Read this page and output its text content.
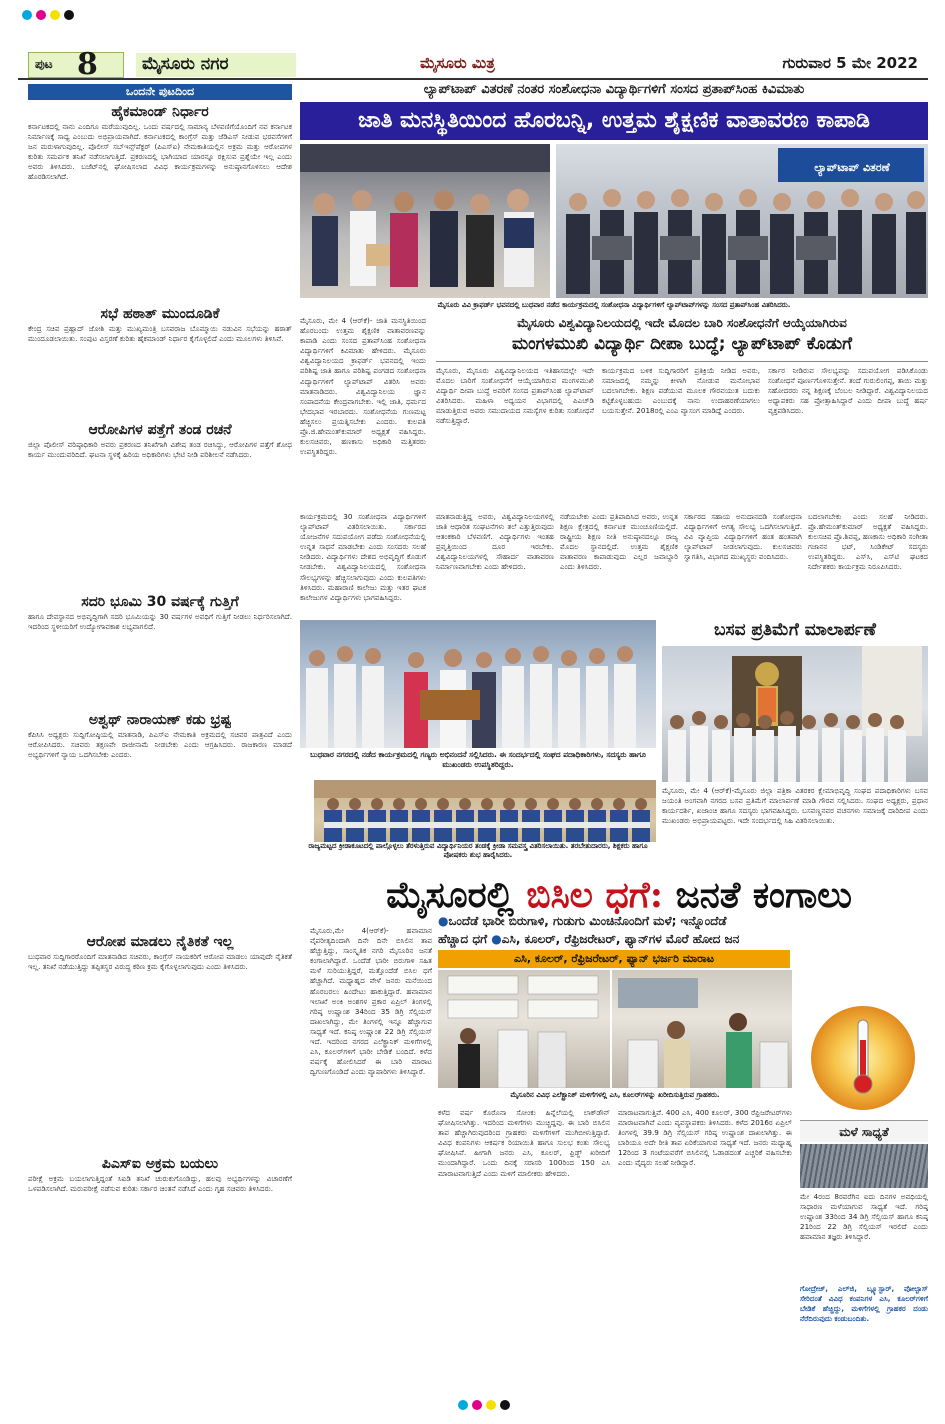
ಪುಟ 8	ಮೈಸೂರು ನಗರ	ಮೈಸೂರು ಮಿತ್ರ	ಗುರುವಾರ 5 ಮೇ 2022
ಒಂದನೇ ಪುಟದಿಂದ
ಹೈಕಮಾಂಡ್ ನಿರ್ಧಾರ
ಕರ್ನಾಟಕದಲ್ಲಿ ನಾನು ಎಂದಿಗೂ ಮರೆಯುವುದಿಲ್ಲ. ಒಂದು ವರ್ಷದಲ್ಲಿ ಸಾಮಾನ್ಯ ಬೆಳವಣಿಗೆಯೊಂದಿಗೆ ನವ ಕರ್ನಾಟಕ ನಿರ್ಮಾಣಕ್ಕೆ ಸಾಧ್ಯ ಎಂಬುದು ಅಭಿಪ್ರಾಯವಾಗಿದೆ. ಕರ್ನಾಟಕದಲ್ಲಿ ಕಾಂಗ್ರೆಸ್ ಮತ್ತು ಜೆಡಿಎಸ್ ನೀಡುವ ಭರವಸೆಗಳಿಗೆ ಜನ ಮರುಳಾಗುವುದಿಲ್ಲ. ಪೊಲೀಸ್ ಸಬ್‌ಇನ್ಸ್‌ಪೆಕ್ಟರ್ (ಪಿಎಸ್‌ಐ) ನೇಮಕಾತಿಯಲ್ಲಿನ ಅಕ್ರಮ ಮತ್ತು ಆರೋಪಗಳ ಕುರಿತು ಸಮರ್ಪಕ ತನಿಖೆ ನಡೆಸಲಾಗುತ್ತಿದೆ. ಪ್ರಕರಣದಲ್ಲಿ ಭಾಗಿಯಾದ ಯಾರನ್ನೂ ರಕ್ಷಿಸುವ ಪ್ರಶ್ನೆಯೇ ಇಲ್ಲ ಎಂದು ಅವರು ತಿಳಿಸಿದರು. ಬಜೆಟ್‌ನಲ್ಲಿ ಘೋಷಿಸಲಾದ ವಿವಿಧ ಕಾರ್ಯಕ್ರಮಗಳನ್ನು ಅನುಷ್ಠಾನಗೊಳಿಸಲು ಆದೇಶ ಹೊರಡಿಸಲಾಗಿದೆ.
ಸಭೆ ಹಠಾತ್ ಮುಂದೂಡಿಕೆ
ಕೇಂದ್ರ ಸಚಿವ ಪ್ರಹ್ಲಾದ್ ಜೋಶಿ ಮತ್ತು ಮುಖ್ಯಮಂತ್ರಿ ಬಸವರಾಜ ಬೊಮ್ಮಾಯಿ ನಡುವಿನ ಸಭೆಯನ್ನು ಹಠಾತ್ ಮುಂದೂಡಲಾಯಿತು. ಸಂಪುಟ ವಿಸ್ತರಣೆ ಕುರಿತು ಹೈಕಮಾಂಡ್ ನಿರ್ಧಾರ ಕೈಗೊಳ್ಳಲಿದೆ ಎಂದು ಮೂಲಗಳು ತಿಳಿಸಿವೆ.
ಆರೋಪಿಗಳ ಪತ್ತೆಗೆ ತಂಡ ರಚನೆ
ಜಿಲ್ಲಾ ಪೊಲೀಸ್ ವರಿಷ್ಠಾಧಿಕಾರಿ ಅವರು ಪ್ರಕರಣದ ತನಿಖೆಗಾಗಿ ವಿಶೇಷ ತಂಡ ರಚಿಸಿದ್ದು, ಆರೋಪಿಗಳ ಪತ್ತೆಗೆ ಶೋಧ ಕಾರ್ಯ ಮುಂದುವರಿದಿದೆ. ಘಟನಾ ಸ್ಥಳಕ್ಕೆ ಹಿರಿಯ ಅಧಿಕಾರಿಗಳು ಭೇಟಿ ನೀಡಿ ಪರಿಶೀಲನೆ ನಡೆಸಿದರು.
ಸದರಿ ಭೂಮಿ 30 ವರ್ಷಕ್ಕೆ ಗುತ್ತಿಗೆ
ಹಾಗೂ ದೇವಸ್ಥಾನದ ಅಭಿವೃದ್ಧಿಗಾಗಿ ಸದರಿ ಭೂಮಿಯನ್ನು 30 ವರ್ಷಗಳ ಅವಧಿಗೆ ಗುತ್ತಿಗೆ ನೀಡಲು ನಿರ್ಧರಿಸಲಾಗಿದೆ. ಇದರಿಂದ ಸ್ಥಳೀಯರಿಗೆ ಉದ್ಯೋಗಾವಕಾಶ ಲಭ್ಯವಾಗಲಿದೆ.
ಅಶ್ವಥ್ ನಾರಾಯಣ್ ಕಡು ಭ್ರಷ್ಟ
ಕೆಪಿಸಿಸಿ ಅಧ್ಯಕ್ಷರು ಸುದ್ದಿಗೋಷ್ಠಿಯಲ್ಲಿ ಮಾತನಾಡಿ, ಪಿಎಸ್‌ಐ ನೇಮಕಾತಿ ಅಕ್ರಮದಲ್ಲಿ ಸಚಿವರ ಪಾತ್ರವಿದೆ ಎಂದು ಆರೋಪಿಸಿದರು. ಸಚಿವರು ತಕ್ಷಣವೇ ರಾಜೀನಾಮೆ ನೀಡಬೇಕು ಎಂದು ಆಗ್ರಹಿಸಿದರು. ರಾಜಕಾರಣ ಮಾಡದೆ ಅಭ್ಯರ್ಥಿಗಳಿಗೆ ನ್ಯಾಯ ಒದಗಿಸಬೇಕು ಎಂದರು.
ಆರೋಪ ಮಾಡಲು ನೈತಿಕತೆ ಇಲ್ಲ
ಬುಧವಾರ ಸುದ್ದಿಗಾರರೊಂದಿಗೆ ಮಾತನಾಡಿದ ಸಚಿವರು, ಕಾಂಗ್ರೆಸ್ ನಾಯಕರಿಗೆ ಆರೋಪ ಮಾಡಲು ಯಾವುದೇ ನೈತಿಕತೆ ಇಲ್ಲ. ತನಿಖೆ ನಡೆಯುತ್ತಿದ್ದು ತಪ್ಪಿತಸ್ಥರ ವಿರುದ್ಧ ಕಠಿಣ ಕ್ರಮ ಕೈಗೊಳ್ಳಲಾಗುವುದು ಎಂದು ತಿಳಿಸಿದರು.
ಪಿಎಸ್‌ಐ ಅಕ್ರಮ ಬಯಲು
ಪರೀಕ್ಷೆ ಅಕ್ರಮ ಬಯಲಾಗುತ್ತಿದ್ದಂತೆ ಸಿಐಡಿ ತನಿಖೆ ಚುರುಕುಗೊಂಡಿದ್ದು, ಹಲವು ಅಭ್ಯರ್ಥಿಗಳನ್ನು ವಿಚಾರಣೆಗೆ ಒಳಪಡಿಸಲಾಗಿದೆ. ಮರುಪರೀಕ್ಷೆ ನಡೆಸುವ ಕುರಿತು ಸರ್ಕಾರ ಚಿಂತನೆ ನಡೆಸಿದೆ ಎಂದು ಗೃಹ ಸಚಿವರು ತಿಳಿಸಿದರು.
ಲ್ಯಾಪ್‌ಟಾಪ್ ವಿತರಣೆ ನಂತರ ಸಂಶೋಧನಾ ವಿದ್ಯಾರ್ಥಿಗಳಿಗೆ ಸಂಸದ ಪ್ರತಾಪ್‌ಸಿಂಹ ಕಿವಿಮಾತು
ಜಾತಿ ಮನಸ್ಥಿತಿಯಿಂದ ಹೊರಬನ್ನಿ, ಉತ್ತಮ ಶೈಕ್ಷಣಿಕ ವಾತಾವರಣ ಕಾಪಾಡಿ
ಲ್ಯಾಪ್‌ಟಾಪ್ ವಿತರಣೆ
ಮೈಸೂರು ವಿವಿ ಕ್ರಾಫರ್ಡ್ ಭವನದಲ್ಲಿ ಬುಧವಾರ ನಡೆದ ಕಾರ್ಯಕ್ರಮದಲ್ಲಿ ಸಂಶೋಧನಾ ವಿದ್ಯಾರ್ಥಿಗಳಿಗೆ ಲ್ಯಾಪ್‌ಟಾಪ್‌ಗಳನ್ನು ಸಂಸದ ಪ್ರತಾಪ್‌ಸಿಂಹ ವಿತರಿಸಿದರು.
ಮೈಸೂರು, ಮೇ 4 (ಆರ್‌ಕೆ)- ಜಾತಿ ಮನಸ್ಥಿತಿಯಿಂದ ಹೊರಬಂದು ಉತ್ತಮ ಶೈಕ್ಷಣಿಕ ವಾತಾವರಣವನ್ನು ಕಾಪಾಡಿ ಎಂದು ಸಂಸದ ಪ್ರತಾಪ್‌ಸಿಂಹ ಸಂಶೋಧನಾ ವಿದ್ಯಾರ್ಥಿಗಳಿಗೆ ಕಿವಿಮಾತು ಹೇಳಿದರು. ಮೈಸೂರು ವಿಶ್ವವಿದ್ಯಾನಿಲಯದ ಕ್ರಾಫರ್ಡ್ ಭವನದಲ್ಲಿ ಇಂದು ಪರಿಶಿಷ್ಟ ಜಾತಿ ಹಾಗೂ ಪರಿಶಿಷ್ಟ ಪಂಗಡದ ಸಂಶೋಧನಾ ವಿದ್ಯಾರ್ಥಿಗಳಿಗೆ ಲ್ಯಾಪ್‌ಟಾಪ್ ವಿತರಿಸಿ ಅವರು ಮಾತನಾಡಿದರು. ವಿಶ್ವವಿದ್ಯಾನಿಲಯ ಜ್ಞಾನ ಸಂಪಾದನೆಯ ಕೇಂದ್ರವಾಗಬೇಕು. ಇಲ್ಲಿ ಜಾತಿ, ಧರ್ಮದ ಭೇದಭಾವ ಇರಬಾರದು. ಸಂಶೋಧನೆಯ ಗುಣಮಟ್ಟ ಹೆಚ್ಚಿಸಲು ಪ್ರಯತ್ನಿಸಬೇಕು ಎಂದರು. ಕುಲಪತಿ ಪ್ರೊ.ಜಿ.ಹೇಮಂತ್‌ಕುಮಾರ್ ಅಧ್ಯಕ್ಷತೆ ವಹಿಸಿದ್ದರು. ಕುಲಸಚಿವರು, ಹಣಕಾಸು ಅಧಿಕಾರಿ ಮತ್ತಿತರರು ಉಪಸ್ಥಿತರಿದ್ದರು.
ಕಾರ್ಯಕ್ರಮದಲ್ಲಿ 30 ಸಂಶೋಧನಾ ವಿದ್ಯಾರ್ಥಿಗಳಿಗೆ ಲ್ಯಾಪ್‌ಟಾಪ್ ವಿತರಿಸಲಾಯಿತು. ಸರ್ಕಾರದ ಯೋಜನೆಗಳ ಸದುಪಯೋಗ ಪಡೆದು ಸಂಶೋಧನೆಯಲ್ಲಿ ಉನ್ನತ ಸಾಧನೆ ಮಾಡಬೇಕು ಎಂದು ಸಂಸದರು ಸಲಹೆ ನೀಡಿದರು. ವಿದ್ಯಾರ್ಥಿಗಳು ದೇಶದ ಅಭಿವೃದ್ಧಿಗೆ ಕೊಡುಗೆ ನೀಡಬೇಕು. ವಿಶ್ವವಿದ್ಯಾನಿಲಯದಲ್ಲಿ ಸಂಶೋಧನಾ ಸೌಲಭ್ಯಗಳನ್ನು ಹೆಚ್ಚಿಸಲಾಗುವುದು ಎಂದು ಕುಲಪತಿಗಳು ತಿಳಿಸಿದರು. ಮಹಾರಾಣಿ ಕಾಲೇಜು ಮತ್ತು ಇತರ ಘಟಕ ಕಾಲೇಜುಗಳ ವಿದ್ಯಾರ್ಥಿಗಳು ಭಾಗವಹಿಸಿದ್ದರು.
ಮೈಸೂರು ವಿಶ್ವವಿದ್ಯಾನಿಲಯದಲ್ಲಿ ಇದೇ ಮೊದಲ ಬಾರಿ ಸಂಶೋಧನೆಗೆ ಆಯ್ಕೆಯಾಗಿರುವ
ಮಂಗಳಮುಖಿ ವಿದ್ಯಾರ್ಥಿ ದೀಪಾ ಬುದ್ಧೆ; ಲ್ಯಾಪ್‌ಟಾಪ್ ಕೊಡುಗೆ
ಮೈಸೂರು, ಮೈಸೂರು ವಿಶ್ವವಿದ್ಯಾನಿಲಯದ ಇತಿಹಾಸದಲ್ಲೇ ಇದೇ ಮೊದಲ ಬಾರಿಗೆ ಸಂಶೋಧನೆಗೆ ಆಯ್ಕೆಯಾಗಿರುವ ಮಂಗಳಮುಖಿ ವಿದ್ಯಾರ್ಥಿ ದೀಪಾ ಬುದ್ಧೆ ಅವರಿಗೆ ಸಂಸದ ಪ್ರತಾಪ್‌ಸಿಂಹ ಲ್ಯಾಪ್‌ಟಾಪ್ ವಿತರಿಸಿದರು. ಮಹಿಳಾ ಅಧ್ಯಯನ ವಿಭಾಗದಲ್ಲಿ ಪಿಎಚ್‌ಡಿ ಮಾಡುತ್ತಿರುವ ಅವರು ಸಮುದಾಯದ ಸಮಸ್ಯೆಗಳ ಕುರಿತು ಸಂಶೋಧನೆ ನಡೆಸುತ್ತಿದ್ದಾರೆ.
ಕಾರ್ಯಕ್ರಮದ ಬಳಿಕ ಸುದ್ದಿಗಾರರಿಗೆ ಪ್ರತಿಕ್ರಿಯೆ ನೀಡಿದ ಅವರು, ಸಮಾಜದಲ್ಲಿ ನಮ್ಮನ್ನು ಕೀಳಾಗಿ ನೋಡುವ ಮನೋಭಾವ ಬದಲಾಗಬೇಕು. ಶಿಕ್ಷಣ ಪಡೆಯುವ ಮೂಲಕ ಗೌರವಯುತ ಬದುಕು ಕಟ್ಟಿಕೊಳ್ಳಬಹುದು ಎಂಬುದಕ್ಕೆ ನಾನು ಉದಾಹರಣೆಯಾಗಲು ಬಯಸುತ್ತೇನೆ. 2018ರಲ್ಲಿ ಎಂಎ ವ್ಯಾಸಂಗ ಮಾಡಿದ್ದೆ ಎಂದರು.
ಸರ್ಕಾರ ನೀಡಿರುವ ಸೌಲಭ್ಯವನ್ನು ಸದುಪಯೋಗ ಪಡಿಸಿಕೊಂಡು ಸಂಶೋಧನೆ ಪೂರ್ಣಗೊಳಿಸುತ್ತೇನೆ. ತಂದೆ ಗುರುಲಿಂಗಪ್ಪ, ತಾಯಿ ಮತ್ತು ಸಹೋದರರು ನನ್ನ ಶಿಕ್ಷಣಕ್ಕೆ ಬೆಂಬಲ ನೀಡಿದ್ದಾರೆ. ವಿಶ್ವವಿದ್ಯಾನಿಲಯದ ಅಧ್ಯಾಪಕರು ಸಹ ಪ್ರೋತ್ಸಾಹಿಸಿದ್ದಾರೆ ಎಂದು ದೀಪಾ ಬುದ್ಧೆ ಹರ್ಷ ವ್ಯಕ್ತಪಡಿಸಿದರು.
ಮಾತನಾಡುತ್ತಿದ್ದ ಅವರು, ವಿಶ್ವವಿದ್ಯಾನಿಲಯಗಳಲ್ಲಿ ಜಾತಿ ಆಧಾರಿತ ಸಂಘಟನೆಗಳು ತಲೆ ಎತ್ತುತ್ತಿರುವುದು ಆತಂಕಕಾರಿ ಬೆಳವಣಿಗೆ. ವಿದ್ಯಾರ್ಥಿಗಳು ಇಂತಹ ಪ್ರವೃತ್ತಿಯಿಂದ ದೂರ ಇರಬೇಕು. ವಿಶ್ವವಿದ್ಯಾನಿಲಯಗಳಲ್ಲಿ ಸೌಹಾರ್ದ ವಾತಾವರಣ ನಿರ್ಮಾಣವಾಗಬೇಕು ಎಂದು ಹೇಳಿದರು.
ನಡೆಯಬೇಕು ಎಂದು ಪ್ರತಿಪಾದಿಸಿದ ಅವರು, ಉನ್ನತ ಶಿಕ್ಷಣ ಕ್ಷೇತ್ರದಲ್ಲಿ ಕರ್ನಾಟಕ ಮುಂಚೂಣಿಯಲ್ಲಿದೆ. ರಾಷ್ಟ್ರೀಯ ಶಿಕ್ಷಣ ನೀತಿ ಅನುಷ್ಠಾನದಲ್ಲೂ ರಾಜ್ಯ ಮೊದಲ ಸ್ಥಾನದಲ್ಲಿದೆ. ಉತ್ತಮ ಶೈಕ್ಷಣಿಕ ವಾತಾವರಣ ಕಾಪಾಡುವುದು ಎಲ್ಲರ ಜವಾಬ್ದಾರಿ ಎಂದು ತಿಳಿಸಿದರು.
ಸರ್ಕಾರದ ಸಹಾಯ ಅನುದಾನದಡಿ ಸಂಶೋಧನಾ ವಿದ್ಯಾರ್ಥಿಗಳಿಗೆ ಅಗತ್ಯ ಸೌಲಭ್ಯ ಒದಗಿಸಲಾಗುತ್ತಿದೆ. ವಿವಿ ವ್ಯಾಪ್ತಿಯ ವಿದ್ಯಾರ್ಥಿಗಳಿಗೆ ಹಂತ ಹಂತವಾಗಿ ಲ್ಯಾಪ್‌ಟಾಪ್ ನೀಡಲಾಗುವುದು. ಕುಲಸಚಿವರು ಸ್ವಾಗತಿಸಿ, ವಿಭಾಗದ ಮುಖ್ಯಸ್ಥರು ವಂದಿಸಿದರು.
ಬದಲಾಗಬೇಕು ಎಂದು ಸಲಹೆ ನೀಡಿದರು. ಪ್ರೊ.ಹೇಮಂತ್‌ಕುಮಾರ್ ಅಧ್ಯಕ್ಷತೆ ವಹಿಸಿದ್ದರು. ಕುಲಸಚಿವ ಪ್ರೊ.ಶಿವಪ್ಪ, ಹಣಕಾಸು ಅಧಿಕಾರಿ ಸಂಗೀತಾ ಗಜಾನನ ಭಟ್, ಸಿಂಡಿಕೇಟ್ ಸದಸ್ಯರು ಉಪಸ್ಥಿತರಿದ್ದರು. ಎಸ್‌ಸಿ, ಎಸ್‌ಟಿ ಘಟಕದ ನಿರ್ದೇಶಕರು ಕಾರ್ಯಕ್ರಮ ನಿರೂಪಿಸಿದರು.
ಬುಧವಾರ ನಗರದಲ್ಲಿ ನಡೆದ ಕಾರ್ಯಕ್ರಮದಲ್ಲಿ ಗಣ್ಯರು ಅಭಿನಂದನೆ ಸಲ್ಲಿಸಿದರು. ಈ ಸಂದರ್ಭದಲ್ಲಿ ಸಂಘದ ಪದಾಧಿಕಾರಿಗಳು, ಸದಸ್ಯರು ಹಾಗೂ ಮುಖಂಡರು ಉಪಸ್ಥಿತರಿದ್ದರು.
ರಾಜ್ಯಮಟ್ಟದ ಕ್ರೀಡಾಕೂಟದಲ್ಲಿ ಪಾಲ್ಗೊಳ್ಳಲು ತೆರಳುತ್ತಿರುವ ವಿದ್ಯಾರ್ಥಿನಿಯರ ತಂಡಕ್ಕೆ ಕ್ರೀಡಾ ಸಮವಸ್ತ್ರ ವಿತರಿಸಲಾಯಿತು. ತರಬೇತುದಾರರು, ಶಿಕ್ಷಕರು ಹಾಗೂ ಪೋಷಕರು ಶುಭ ಹಾರೈಸಿದರು.
ಬಸವ ಪ್ರತಿಮೆಗೆ ಮಾಲಾರ್ಪಣೆ
ಮೈಸೂರು, ಮೇ 4 (ಆರ್‌ಕೆ)-ಮೈಸೂರು ಜಿಲ್ಲಾ ಪತ್ರಿಕಾ ವಿತರಕರ ಕ್ಷೇಮಾಭಿವೃದ್ಧಿ ಸಂಘದ ಪದಾಧಿಕಾರಿಗಳು ಬಸವ ಜಯಂತಿ ಅಂಗವಾಗಿ ನಗರದ ಬಸವ ಪ್ರತಿಮೆಗೆ ಮಾಲಾರ್ಪಣೆ ಮಾಡಿ ಗೌರವ ಸಲ್ಲಿಸಿದರು. ಸಂಘದ ಅಧ್ಯಕ್ಷರು, ಪ್ರಧಾನ ಕಾರ್ಯದರ್ಶಿ, ಖಜಾಂಚಿ ಹಾಗೂ ಸದಸ್ಯರು ಭಾಗವಹಿಸಿದ್ದರು. ಬಸವಣ್ಣನವರ ವಚನಗಳು ಸಮಾಜಕ್ಕೆ ದಾರಿದೀಪ ಎಂದು ಮುಖಂಡರು ಅಭಿಪ್ರಾಯಪಟ್ಟರು. ಇದೇ ಸಂದರ್ಭದಲ್ಲಿ ಸಿಹಿ ವಿತರಿಸಲಾಯಿತು.
ಮೈಸೂರಲ್ಲಿ ಬಿಸಿಲ ಧಗೆ: ಜನತೆ ಕಂಗಾಲು
●ಒಂದೆಡೆ ಭಾರೀ ಬಿರುಗಾಳಿ, ಗುಡುಗು ಮಿಂಚಿನೊಂದಿಗೆ ಮಳೆ; ಇನ್ನೊಂದೆಡೆ
ಹೆಚ್ಚಾದ ಧಗೆ ●ಎಸಿ, ಕೂಲರ್, ರೆಫ್ರಿಜರೇಟರ್, ಫ್ಯಾನ್‌ಗಳ ಮೊರೆ ಹೋದ ಜನ
ಎಸಿ, ಕೂಲರ್, ರೆಫ್ರಿಜರೇಟರ್, ಫ್ಯಾನ್ ಭರ್ಜರಿ ಮಾರಾಟ
ಮೈಸೂರಿನ ವಿವಿಧ ಎಲೆಕ್ಟ್ರಾನಿಕ್ ಮಳಿಗೆಗಳಲ್ಲಿ ಎಸಿ, ಕೂಲರ್‌ಗಳನ್ನು ಖರೀದಿಸುತ್ತಿರುವ ಗ್ರಾಹಕರು.
ಮೈಸೂರು,ಮೇ 4(ಆರ್‌ಕೆ)- ಹವಾಮಾನ ವೈಪರೀತ್ಯದಿಂದಾಗಿ ದಿನೇ ದಿನೇ ಬಿಸಿಲಿನ ತಾಪ ಹೆಚ್ಚುತ್ತಿದ್ದು, ಸಾಂಸ್ಕೃತಿಕ ನಗರಿ ಮೈಸೂರಿನ ಜನತೆ ಕಂಗಾಲಾಗಿದ್ದಾರೆ. ಒಂದೆಡೆ ಭಾರೀ ಬಿರುಗಾಳಿ ಸಹಿತ ಮಳೆ ಸುರಿಯುತ್ತಿದ್ದರೆ, ಮತ್ತೊಂದೆಡೆ ಬಿಸಿಲ ಧಗೆ ಹೆಚ್ಚಾಗಿದೆ. ಮಧ್ಯಾಹ್ನದ ವೇಳೆ ಜನರು ಮನೆಯಿಂದ ಹೊರಬರಲು ಹಿಂದೇಟು ಹಾಕುತ್ತಿದ್ದಾರೆ. ಹವಾಮಾನ ಇಲಾಖೆ ಅಂಕಿ ಅಂಶಗಳ ಪ್ರಕಾರ ಏಪ್ರಿಲ್ ತಿಂಗಳಲ್ಲಿ ಗರಿಷ್ಠ ಉಷ್ಣಾಂಶ 34ರಿಂದ 35 ಡಿಗ್ರಿ ಸೆಲ್ಸಿಯಸ್ ದಾಖಲಾಗಿದ್ದು, ಮೇ ತಿಂಗಳಲ್ಲಿ ಇನ್ನೂ ಹೆಚ್ಚಾಗುವ ಸಾಧ್ಯತೆ ಇದೆ. ಕನಿಷ್ಠ ಉಷ್ಣಾಂಶ 22 ಡಿಗ್ರಿ ಸೆಲ್ಸಿಯಸ್ ಇದೆ. ಇದರಿಂದ ನಗರದ ಎಲೆಕ್ಟ್ರಾನಿಕ್ ಮಳಿಗೆಗಳಲ್ಲಿ ಎಸಿ, ಕೂಲರ್‌ಗಳಿಗೆ ಭಾರೀ ಬೇಡಿಕೆ ಬಂದಿದೆ. ಕಳೆದ ವರ್ಷಕ್ಕೆ ಹೋಲಿಸಿದರೆ ಈ ಬಾರಿ ಮಾರಾಟ ದ್ವಿಗುಣಗೊಂಡಿದೆ ಎಂದು ವ್ಯಾಪಾರಿಗಳು ತಿಳಿಸಿದ್ದಾರೆ.
ಕಳೆದ ವರ್ಷ ಕೊರೊನಾ ಸೋಂಕು ಹಿನ್ನೆಲೆಯಲ್ಲಿ ಲಾಕ್‌ಡೌನ್ ಘೋಷಿಸಲಾಗಿತ್ತು. ಇದರಿಂದ ಮಳಿಗೆಗಳು ಮುಚ್ಚಿದ್ದವು. ಈ ಬಾರಿ ಬಿಸಿಲಿನ ತಾಪ ಹೆಚ್ಚಾಗಿರುವುದರಿಂದ ಗ್ರಾಹಕರು ಮಳಿಗೆಗಳಿಗೆ ಮುಗಿಬೀಳುತ್ತಿದ್ದಾರೆ. ವಿವಿಧ ಕಂಪನಿಗಳು ಆಕರ್ಷಕ ರಿಯಾಯಿತಿ ಹಾಗೂ ಸುಲಭ ಕಂತು ಸೌಲಭ್ಯ ಘೋಷಿಸಿವೆ. ಹೀಗಾಗಿ ಜನರು ಎಸಿ, ಕೂಲರ್, ಫ್ರಿಡ್ಜ್ ಖರೀದಿಗೆ ಮುಂದಾಗಿದ್ದಾರೆ. ಒಂದು ದಿನಕ್ಕೆ ಸರಾಸರಿ 100ರಿಂದ 150 ಎಸಿ ಮಾರಾಟವಾಗುತ್ತಿದೆ ಎಂದು ಮಳಿಗೆ ಮಾಲೀಕರು ಹೇಳಿದರು.
ಮಾರಾಟವಾಗುತ್ತಿವೆ. 400 ಎಸಿ, 400 ಕೂಲರ್, 300 ರೆಫ್ರಿಜರೇಟರ್‌ಗಳು ಮಾರಾಟವಾಗಿವೆ ಎಂದು ವ್ಯವಸ್ಥಾಪಕರು ತಿಳಿಸಿದರು. ಕಳೆದ 2016ರ ಏಪ್ರಿಲ್ ತಿಂಗಳಲ್ಲಿ 39.9 ಡಿಗ್ರಿ ಸೆಲ್ಸಿಯಸ್ ಗರಿಷ್ಠ ಉಷ್ಣಾಂಶ ದಾಖಲಾಗಿತ್ತು. ಈ ಬಾರಿಯೂ ಅದೇ ರೀತಿ ತಾಪ ಏರಿಕೆಯಾಗುವ ಸಾಧ್ಯತೆ ಇದೆ. ಜನರು ಮಧ್ಯಾಹ್ನ 12ರಿಂದ 3 ಗಂಟೆಯವರೆಗೆ ಬಿಸಿಲಿನಲ್ಲಿ ಓಡಾಡದಂತೆ ಎಚ್ಚರಿಕೆ ವಹಿಸಬೇಕು ಎಂದು ವೈದ್ಯರು ಸಲಹೆ ನೀಡಿದ್ದಾರೆ.
ಮಳೆ ಸಾಧ್ಯತೆ
ಮೇ 4ರಂದ 8ರವರೆಗಿನ ಐದು ದಿನಗಳ ಅವಧಿಯಲ್ಲಿ ಸಾಧಾರಣ ಮಳೆಯಾಗುವ ಸಾಧ್ಯತೆ ಇದೆ. ಗರಿಷ್ಠ ಉಷ್ಣಾಂಶ 33ರಿಂದ 34 ಡಿಗ್ರಿ ಸೆಲ್ಸಿಯಸ್ ಹಾಗೂ ಕನಿಷ್ಠ 21ರಿಂದ 22 ಡಿಗ್ರಿ ಸೆಲ್ಸಿಯಸ್ ಇರಲಿದೆ ಎಂದು ಹವಾಮಾನ ತಜ್ಞರು ತಿಳಿಸಿದ್ದಾರೆ.
ಗೋದ್ರೇಜ್, ಎಲ್‌ಜಿ, ಬ್ಲ್ಯೂಸ್ಟಾರ್, ವೋಲ್ಟಾಸ್ ಸೇರಿದಂತೆ ವಿವಿಧ ಕಂಪನಿಗಳ ಎಸಿ, ಕೂಲರ್‌ಗಳಿಗೆ ಬೇಡಿಕೆ ಹೆಚ್ಚಿದ್ದು, ಮಳಿಗೆಗಳಲ್ಲಿ ಗ್ರಾಹಕರ ದಂಡು ನೆರೆದಿರುವುದು ಕಂಡುಬಂದಿತು.
